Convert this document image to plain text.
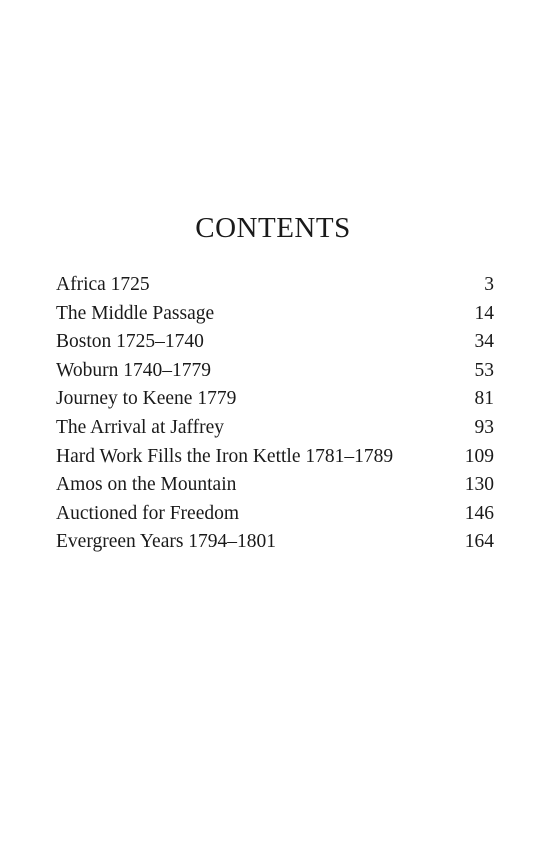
CONTENTS
Africa 1725	3
The Middle Passage	14
Boston 1725–1740	34
Woburn 1740–1779	53
Journey to Keene 1779	81
The Arrival at Jaffrey	93
Hard Work Fills the Iron Kettle 1781–1789	109
Amos on the Mountain	130
Auctioned for Freedom	146
Evergreen Years 1794–1801	164
